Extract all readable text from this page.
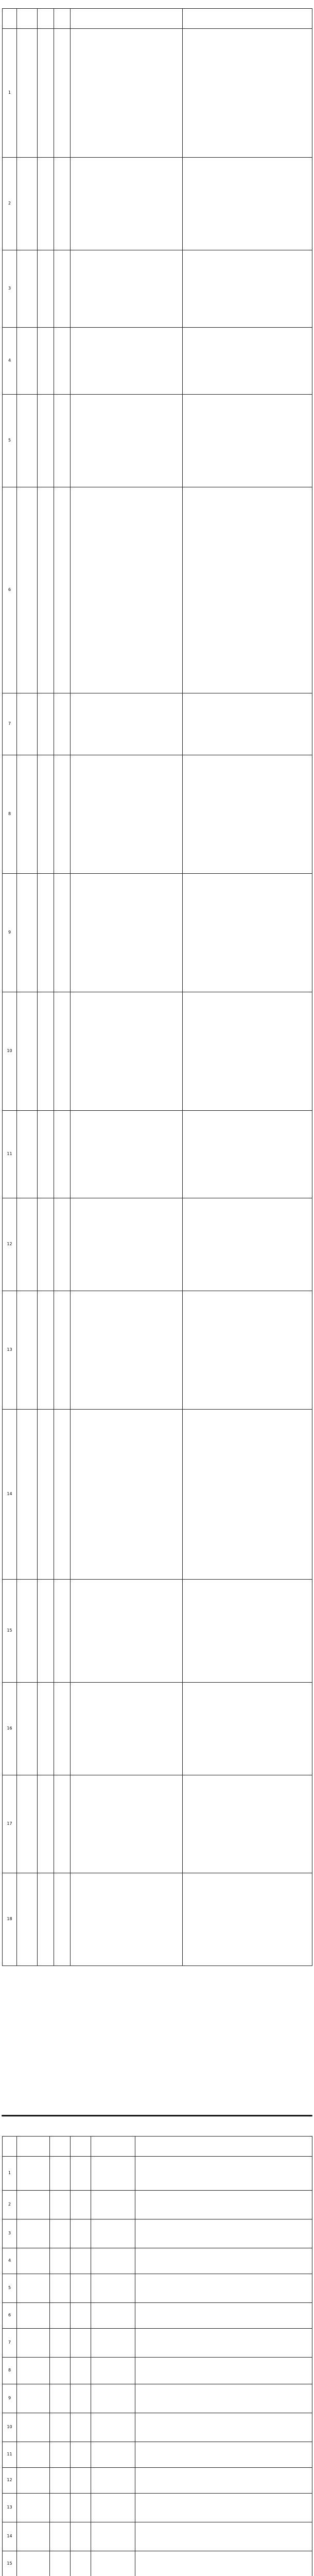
1					

2					

3					

4					

5					

6					

7					

8					

9					

10					

11					

12					

13					

14					

15					

16					

17					

18					

1					

2					

3					

4					

5					

6					

7					

8					

9					

10					

11					

12					

13					

14					

15					
